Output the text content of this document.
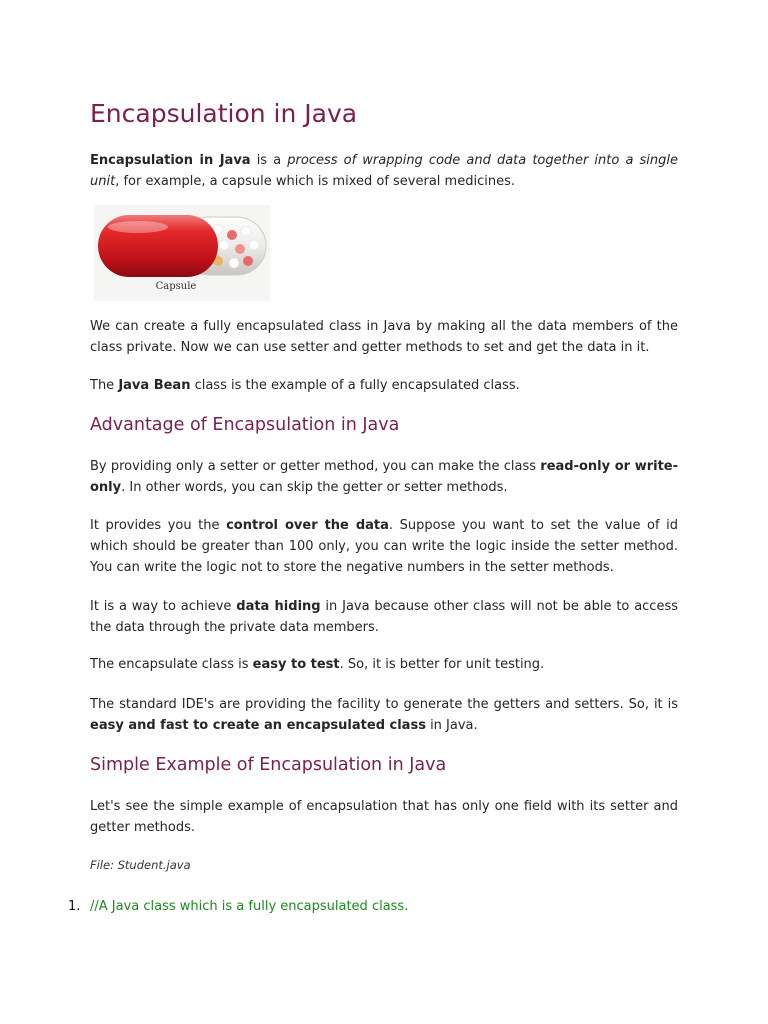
Encapsulation in Java

Encapsulation in Java is a process of wrapping code and data together into a single unit, for example, a capsule which is mixed of several medicines.

Capsule

We can create a fully encapsulated class in Java by making all the data members of the class private. Now we can use setter and getter methods to set and get the data in it.

The Java Bean class is the example of a fully encapsulated class.

Advantage of Encapsulation in Java

By providing only a setter or getter method, you can make the class read-only or write-only. In other words, you can skip the getter or setter methods.

It provides you the control over the data. Suppose you want to set the value of id which should be greater than 100 only, you can write the logic inside the setter method. You can write the logic not to store the negative numbers in the setter methods.

It is a way to achieve data hiding in Java because other class will not be able to access the data through the private data members.

The encapsulate class is easy to test. So, it is better for unit testing.

The standard IDE's are providing the facility to generate the getters and setters. So, it is easy and fast to create an encapsulated class in Java.

Simple Example of Encapsulation in Java

Let's see the simple example of encapsulation that has only one field with its setter and getter methods.

File: Student.java

1. //A Java class which is a fully encapsulated class.
